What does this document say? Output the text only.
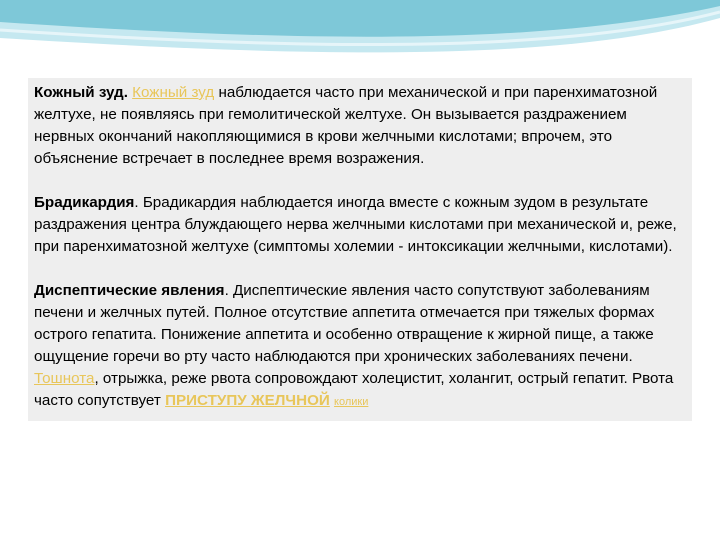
Кожный зуд. Кожный зуд наблюдается часто при механической и при паренхиматозной желтухе, не появляясь при гемолитической желтухе. Он вызывается раздражением нервных окончаний накопляющимися в крови желчными кислотами; впрочем, это объяснение встречает в последнее время возражения.

Брадикардия. Брадикардия наблюдается иногда вместе с кожным зудом в результате раздражения центра блуждающего нерва желчными кислотами при механической и, реже, при паренхиматозной желтухе (симптомы холемии - интоксикации желчными, кислотами).

Диспептические явления. Диспептические явления часто сопутствуют заболеваниям печени и желчных путей. Полное отсутствие аппетита отмечается при тяжелых формах острого гепатита. Понижение аппетита и особенно отвращение к жирной пище, а также ощущение горечи во рту часто наблюдаются при хронических заболеваниях печени. Тошнота, отрыжка, реже рвота сопровождают холецистит, холангит, острый гепатит. Рвота часто сопутствует ПРИСТУПУ ЖЕЛЧНОЙ колики
